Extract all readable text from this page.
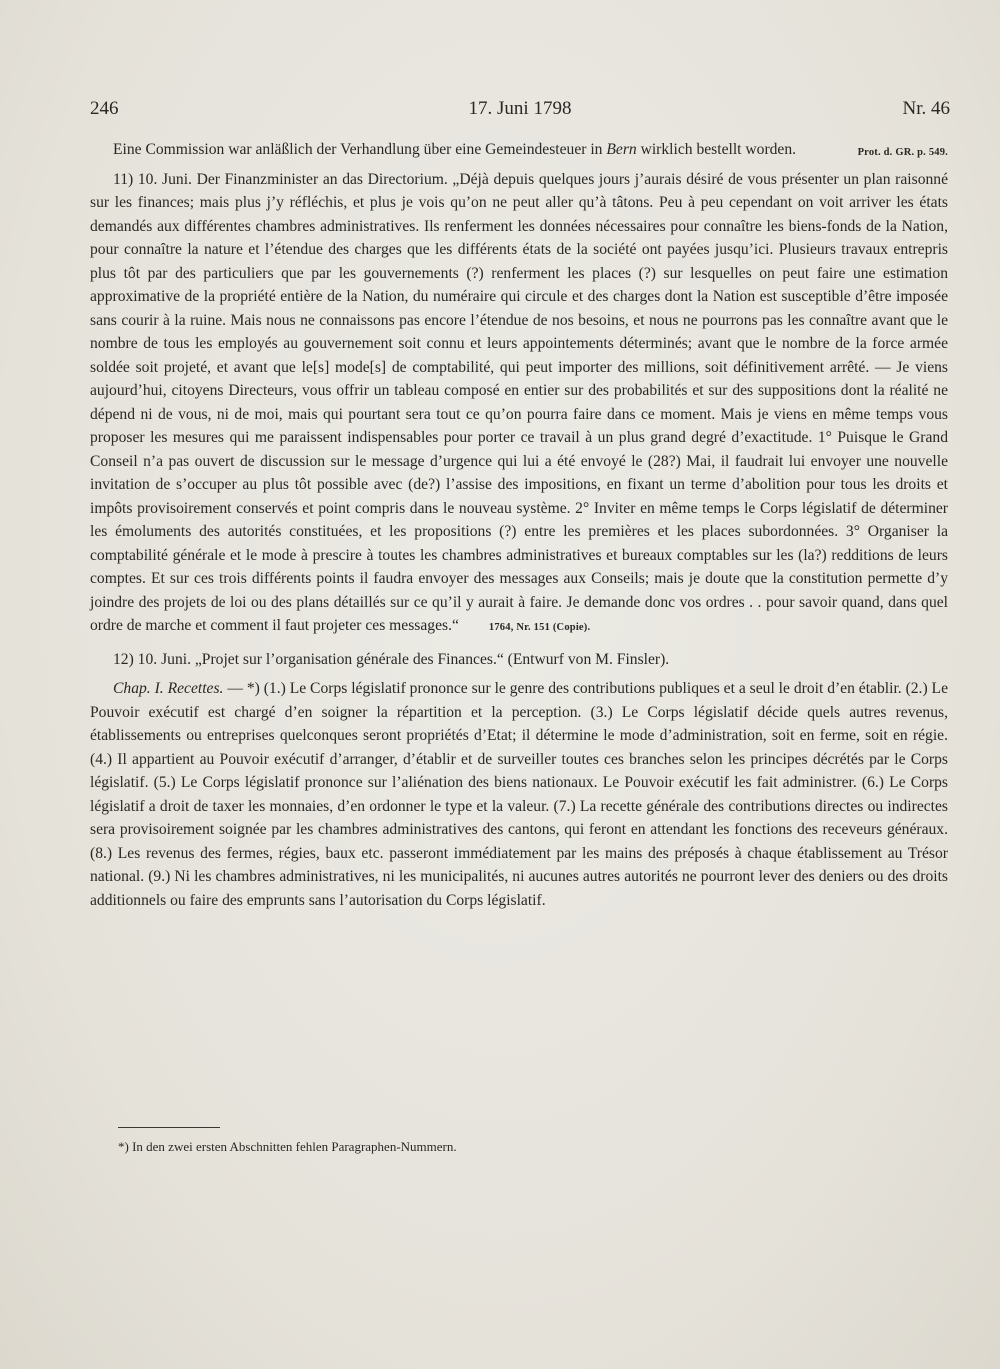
246	17. Juni 1798	Nr. 46

Eine Commission war anläßlich der Verhandlung über eine Gemeindesteuer in Bern wirklich bestellt worden.	Prot. d. GR. p. 549.

11) 10. Juni. Der Finanzminister an das Directorium. „Déjà depuis quelques jours j’aurais désiré de vous présenter un plan raisonné sur les finances; mais plus j’y réfléchis, et plus je vois qu’on ne peut aller qu’à tâtons. Peu à peu cependant on voit arriver les états demandés aux différentes chambres administratives. Ils renferment les données nécessaires pour connaître les biens-fonds de la Nation, pour connaître la nature et l’étendue des charges que les différents états de la société ont payées jusqu’ici. Plusieurs travaux entrepris plus tôt par des particuliers que par les gouvernements (?) renferment les places (?) sur lesquelles on peut faire une estimation approximative de la propriété entière de la Nation, du numéraire qui circule et des charges dont la Nation est susceptible d’être imposée sans courir à la ruine. Mais nous ne connaissons pas encore l’étendue de nos besoins, et nous ne pourrons pas les connaître avant que le nombre de tous les employés au gouvernement soit connu et leurs appointements déterminés; avant que le nombre de la force armée soldée soit projeté, et avant que le[s] mode[s] de comptabilité, qui peut importer des millions, soit définitivement arrêté. — Je viens aujourd’hui, citoyens Directeurs, vous offrir un tableau composé en entier sur des probabilités et sur des suppositions dont la réalité ne dépend ni de vous, ni de moi, mais qui pourtant sera tout ce qu’on pourra faire dans ce moment. Mais je viens en même temps vous proposer les mesures qui me paraissent indispensables pour porter ce travail à un plus grand degré d’exactitude. 1° Puisque le Grand Conseil n’a pas ouvert de discussion sur le message d’urgence qui lui a été envoyé le (28?) Mai, il faudrait lui envoyer une nouvelle invitation de s’occuper au plus tôt possible avec (de?) l’assise des impositions, en fixant un terme d’abolition pour tous les droits et impôts provisoirement conservés et point compris dans le nouveau système. 2° Inviter en même temps le Corps législatif de déterminer les émoluments des autorités constituées, et les propositions (?) entre les premières et les places subordonnées. 3° Organiser la comptabilité générale et le mode à prescire à toutes les chambres administratives et bureaux comptables sur les (la?) redditions de leurs comptes. Et sur ces trois différents points il faudra envoyer des messages aux Conseils; mais je doute que la constitution permette d’y joindre des projets de loi ou des plans détaillés sur ce qu’il y aurait à faire. Je demande donc vos ordres . . pour savoir quand, dans quel ordre de marche et comment il faut projeter ces messages.“	1764, Nr. 151 (Copie).

12) 10. Juni. „Projet sur l’organisation générale des Finances.“ (Entwurf von M. Finsler).

Chap. I. Recettes. — *) (1.) Le Corps législatif prononce sur le genre des contributions publiques et a seul le droit d’en établir. (2.) Le Pouvoir exécutif est chargé d’en soigner la répartition et la perception. (3.) Le Corps législatif décide quels autres revenus, établissements ou entreprises quelconques seront propriétés d’Etat; il détermine le mode d’administration, soit en ferme, soit en régie. (4.) Il appartient au Pouvoir exécutif d’arranger, d’établir et de surveiller toutes ces branches selon les principes décrétés par le Corps législatif. (5.) Le Corps législatif prononce sur l’aliénation des biens nationaux. Le Pouvoir exécutif les fait administrer. (6.) Le Corps législatif a droit de taxer les monnaies, d’en ordonner le type et la valeur. (7.) La recette générale des contributions directes ou indirectes sera provisoirement soignée par les chambres administratives des cantons, qui feront en attendant les fonctions des receveurs généraux. (8.) Les revenus des fermes, régies, baux etc. passeront immédiatement par les mains des préposés à chaque établissement au Trésor national. (9.) Ni les chambres administratives, ni les municipalités, ni aucunes autres autorités ne pourront lever des deniers ou des droits additionnels ou faire des emprunts sans l’autorisation du Corps législatif.

*) In den zwei ersten Abschnitten fehlen Paragraphen-Nummern.
